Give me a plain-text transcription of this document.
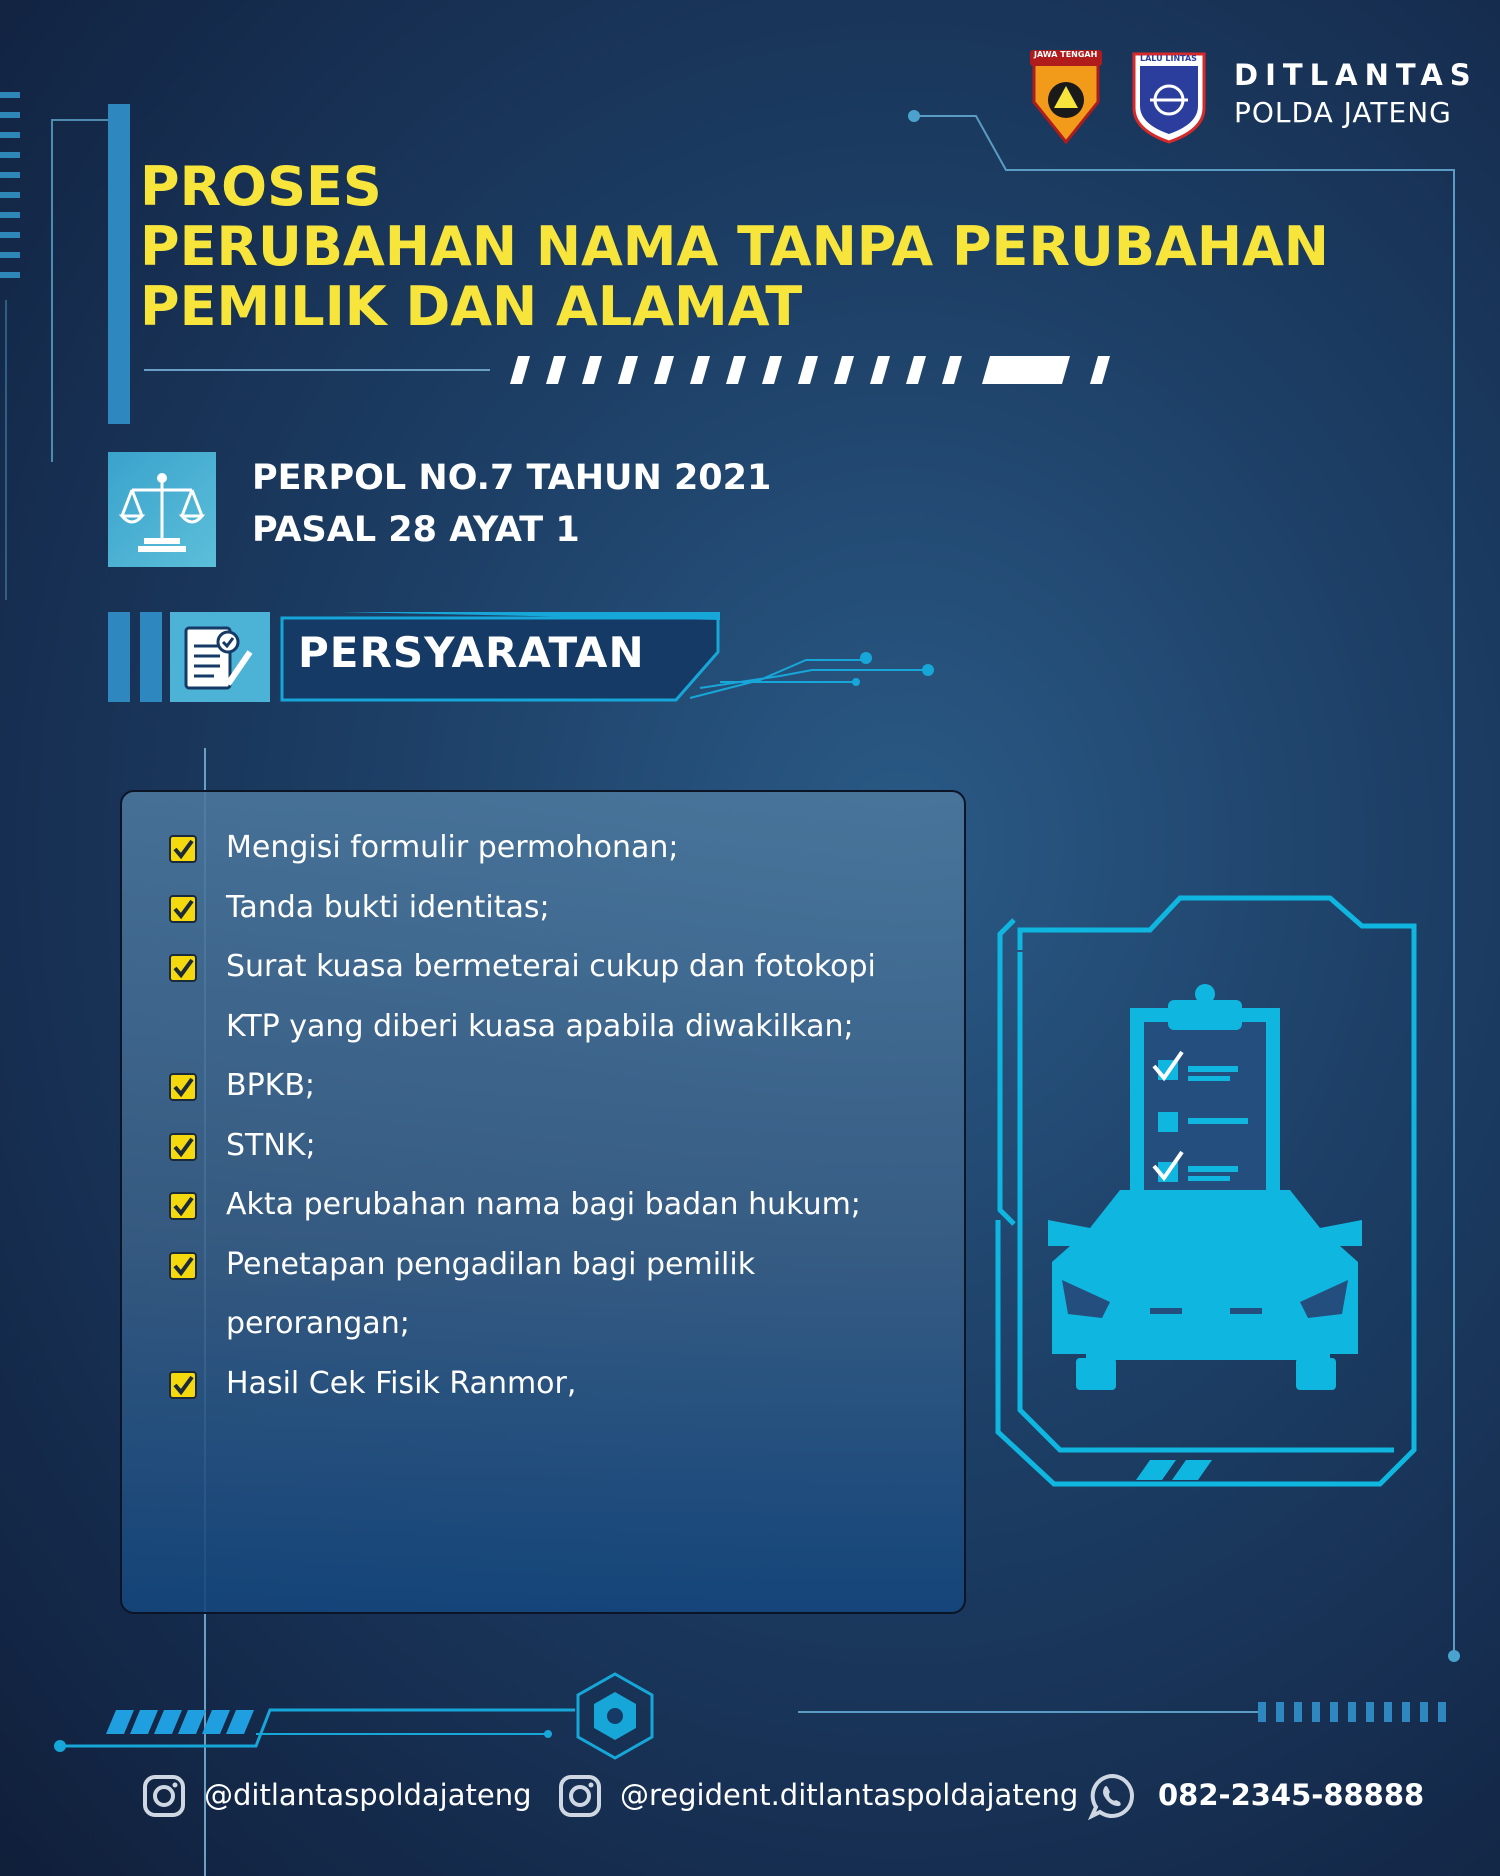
JAWA TENGAH	LALU LINTAS DITLANTAS
POLDA JATENG
PROSES
PERUBAHAN NAMA TANPA PERUBAHAN
PEMILIK DAN ALAMAT
PERPOL NO.7 TAHUN 2021
PASAL 28 AYAT 1
PERSYARATAN
Mengisi formulir permohonan;
Tanda bukti identitas;
Surat kuasa bermeterai cukup dan fotokopi
KTP yang diberi kuasa apabila diwakilkan;
BPKB;
STNK;
Akta perubahan nama bagi badan hukum;
Penetapan pengadilan bagi pemilik
perorangan;
Hasil Cek Fisik Ranmor,
@ditlantaspoldajateng	@regident.ditlantaspoldajateng	082-2345-88888
